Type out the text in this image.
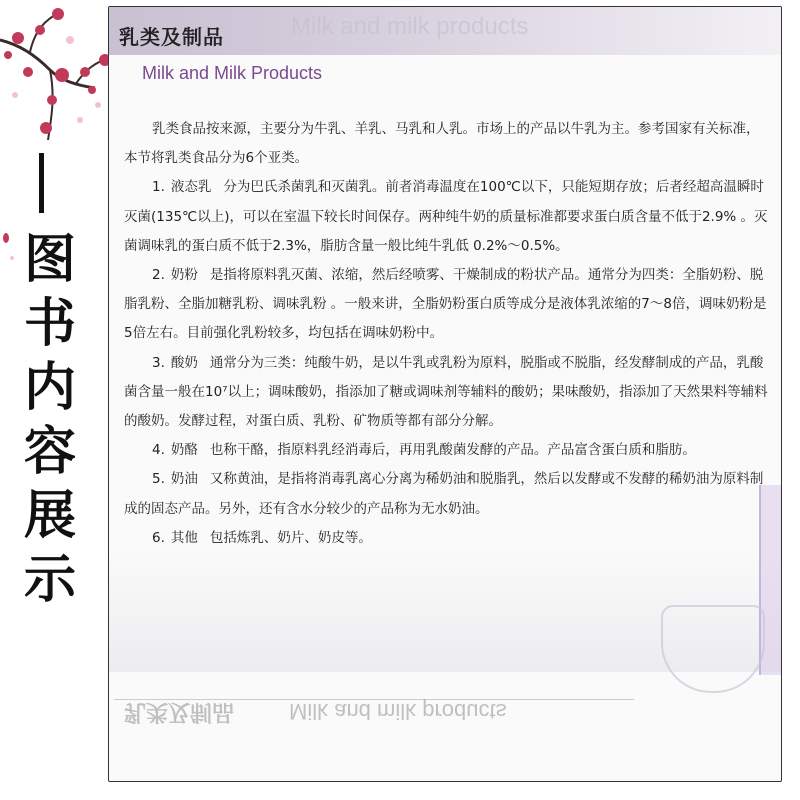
图
书
内
容
展
示
Milk and milk products
乳类及制品
Milk and Milk Products

乳类食品按来源，主要分为牛乳、羊乳、马乳和人乳。市场上的产品以牛乳为主。参考国家有关标准，本节将乳类食品分为6个亚类。

1. 液态乳 分为巴氏杀菌乳和灭菌乳。前者消毒温度在100℃以下，只能短期存放；后者经超高温瞬时灭菌(135℃以上)，可以在室温下较长时间保存。两种纯牛奶的质量标准都要求蛋白质含量不低于2.9% 。灭菌调味乳的蛋白质不低于2.3%，脂肪含量一般比纯牛乳低 0.2%～0.5%。

2. 奶粉 是指将原料乳灭菌、浓缩，然后经喷雾、干燥制成的粉状产品。通常分为四类：全脂奶粉、脱脂乳粉、全脂加糖乳粉、调味乳粉 。一般来讲，全脂奶粉蛋白质等成分是液体乳浓缩的7～8倍，调味奶粉是5倍左右。目前强化乳粉较多，均包括在调味奶粉中。

3. 酸奶 通常分为三类：纯酸牛奶，是以牛乳或乳粉为原料，脱脂或不脱脂，经发酵制成的产品，乳酸菌含量一般在10⁷以上；调味酸奶，指添加了糖或调味剂等辅料的酸奶；果味酸奶，指添加了天然果料等辅料的酸奶。发酵过程，对蛋白质、乳粉、矿物质等都有部分分解。

4. 奶酪 也称干酪，指原料乳经消毒后，再用乳酸菌发酵的产品。产品富含蛋白质和脂肪。

5. 奶油 又称黄油，是指将消毒乳离心分离为稀奶油和脱脂乳，然后以发酵或不发酵的稀奶油为原料制成的固态产品。另外，还有含水分较少的产品称为无水奶油。

6. 其他 包括炼乳、奶片、奶皮等。

乳类及制品 Milk and milk products
